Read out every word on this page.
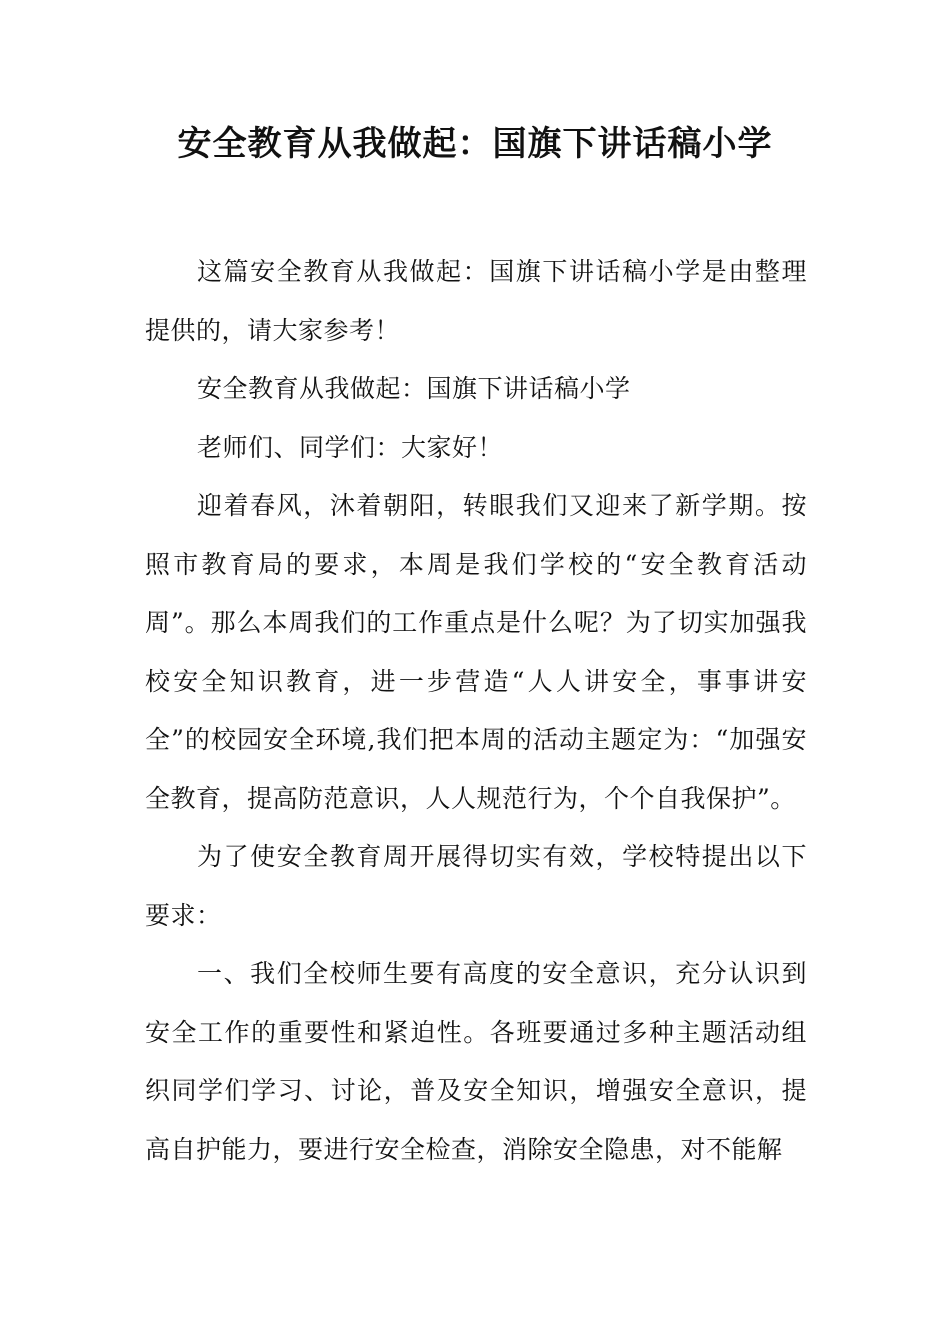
安全教育从我做起：国旗下讲话稿小学

这篇安全教育从我做起：国旗下讲话稿小学是由整理提供的，请大家参考！

安全教育从我做起：国旗下讲话稿小学

老师们、同学们：大家好！

迎着春风，沐着朝阳，转眼我们又迎来了新学期。按照市教育局的要求，本周是我们学校的“安全教育活动周”。那么本周我们的工作重点是什么呢？为了切实加强我校安全知识教育，进一步营造“人人讲安全，事事讲安全”的校园安全环境,我们把本周的活动主题定为：“加强安全教育，提高防范意识，人人规范行为，个个自我保护”。

为了使安全教育周开展得切实有效，学校特提出以下要求：

一、我们全校师生要有高度的安全意识，充分认识到安全工作的重要性和紧迫性。各班要通过多种主题活动组织同学们学习、讨论，普及安全知识，增强安全意识，提高自护能力，要进行安全检查，消除安全隐患，对不能解
